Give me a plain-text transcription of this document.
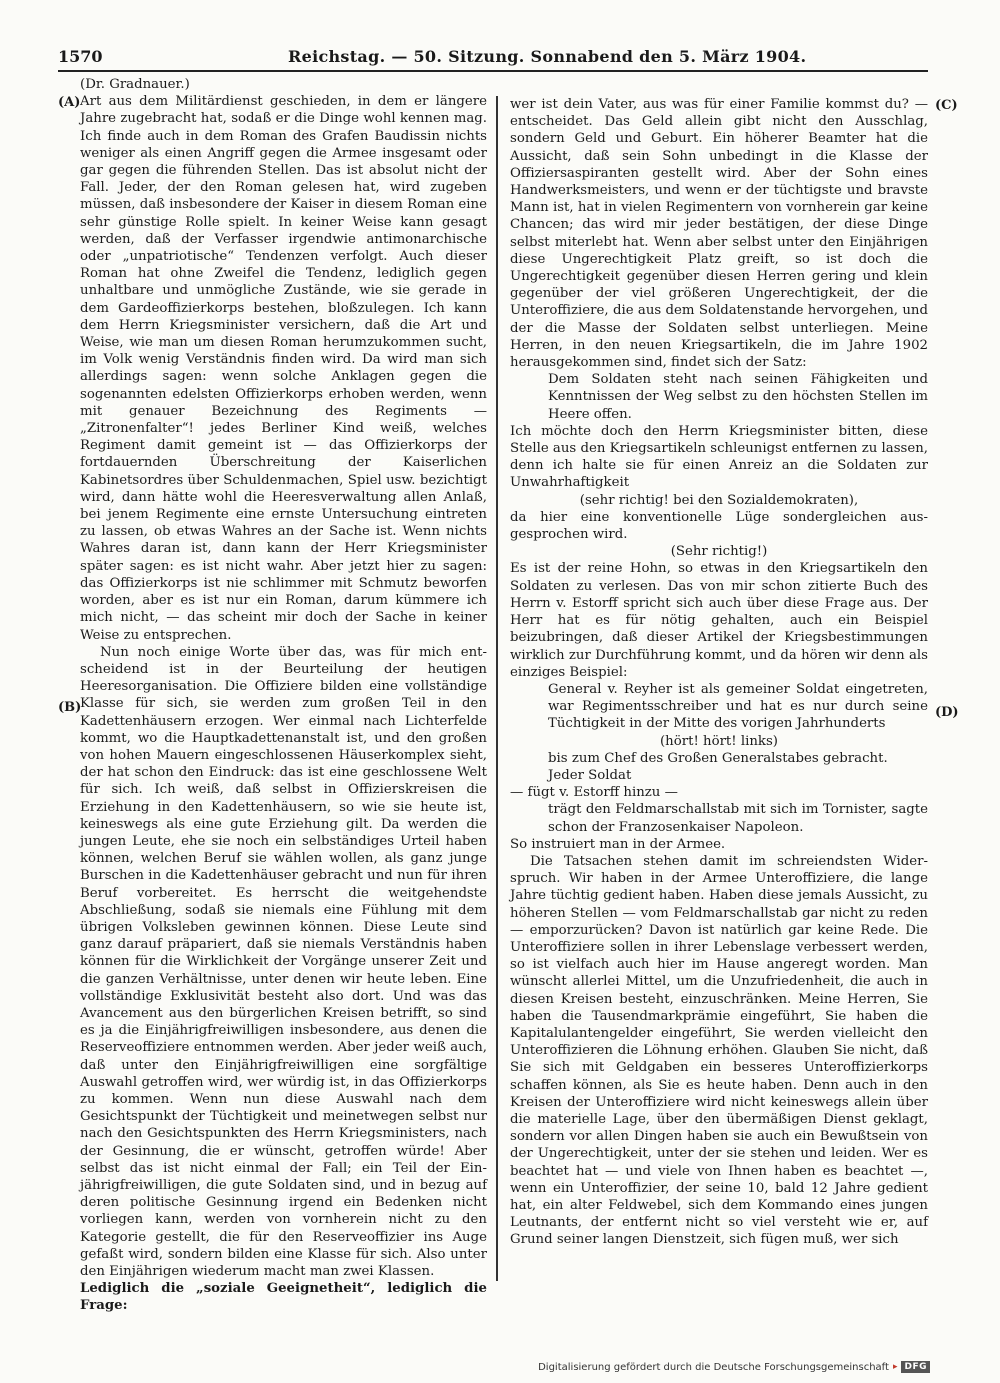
1570	Reichstag. — 50. Sitzung. Sonnabend den 5. März 1904.
(A)
(B)
(C)
(D)

(Dr. Gradnauer.)

Art aus dem Militärdienst geschieden, in dem er längere Jahre zugebracht hat, sodaß er die Dinge wohl kennen mag. Ich finde auch in dem Roman des Grafen Baudissin nichts weniger als einen Angriff gegen die Armee insgesamt oder gar gegen die führenden Stellen. Das ist absolut nicht der Fall. Jeder, der den Roman gelesen hat, wird zugeben müssen, daß insbesondere der Kaiser in diesem Roman eine sehr günstige Rolle spielt. In keiner Weise kann gesagt werden, daß der Verfasser irgendwie antimonarchische oder „unpatriotische“ Tendenzen verfolgt. Auch dieser Roman hat ohne Zweifel die Tendenz, lediglich gegen unhaltbare und unmögliche Zustände, wie sie gerade in dem Gardeoffizierkorps bestehen, bloßzulegen. Ich kann dem Herrn Kriegsminister versichern, daß die Art und Weise, wie man um diesen Roman herumzukommen sucht, im Volk wenig Verständnis finden wird. Da wird man sich allerdings sagen: wenn solche Anklagen gegen die sogenannten edelsten Offizierkorps erhoben werden, wenn mit genauer Bezeichnung des Regiments — „Zitronenfalter“! jedes Berliner Kind weiß, welches Regiment damit gemeint ist — das Offizierkorps der fortdauernden Überschreitung der Kaiserlichen Kabinetsordres über Schuldenmachen, Spiel usw. bezichtigt wird, dann hätte wohl die Heeresverwaltung allen Anlaß, bei jenem Regimente eine ernste Untersuchung eintreten zu lassen, ob etwas Wahres an der Sache ist. Wenn nichts Wahres daran ist, dann kann der Herr Kriegsminister später sagen: es ist nicht wahr. Aber jetzt hier zu sagen: das Offizierkorps ist nie schlimmer mit Schmutz beworfen worden, aber es ist nur ein Roman, darum kümmere ich mich nicht, — das scheint mir doch der Sache in keiner Weise zu entsprechen.

Nun noch einige Worte über das, was für mich entscheidend ist in der Beurteilung der heutigen Heeresorganisation. Die Offiziere bilden eine vollständige Klasse für sich, sie werden zum großen Teil in den Kadettenhäusern erzogen. Wer einmal nach Lichterfelde kommt, wo die Hauptkadettenanstalt ist, und den großen von hohen Mauern eingeschlossenen Häuserkomplex sieht, der hat schon den Eindruck: das ist eine geschlossene Welt für sich. Ich weiß, daß selbst in Offizierskreisen die Erziehung in den Kadettenhäusern, so wie sie heute ist, keineswegs als eine gute Erziehung gilt. Da werden die jungen Leute, ehe sie noch ein selbständiges Urteil haben können, welchen Beruf sie wählen wollen, als ganz junge Burschen in die Kadettenhäuser gebracht und nun für ihren Beruf vorbereitet. Es herrscht die weitgehendste Abschließung, sodaß sie niemals eine Fühlung mit dem übrigen Volksleben gewinnen können. Diese Leute sind ganz darauf präpariert, daß sie niemals Verständnis haben können für die Wirklichkeit der Vorgänge unserer Zeit und die ganzen Verhältnisse, unter denen wir heute leben. Eine vollständige Exklusivität besteht also dort. Und was das Avancement aus den bürgerlichen Kreisen betrifft, so sind es ja die Einjährigfreiwilligen insbesondere, aus denen die Reserveoffiziere entnommen werden. Aber jeder weiß auch, daß unter den Einjährigfreiwilligen eine sorgfältige Auswahl getroffen wird, wer würdig ist, in das Offizierkorps zu kommen. Wenn nun diese Auswahl nach dem Gesichtspunkt der Tüchtigkeit und meinetwegen selbst nur nach den Gesichtspunkten des Herrn Kriegsministers, nach der Gesinnung, die er wünscht, getroffen würde! Aber selbst das ist nicht einmal der Fall; ein Teil der Einjährigfreiwilligen, die gute Soldaten sind, und in bezug auf deren politische Gesinnung irgend ein Bedenken nicht vorliegen kann, werden von vornherein nicht zu den Kategorie gestellt, die für den Reserveoffizier ins Auge gefaßt wird, sondern bilden eine Klasse für sich. Also unter den Einjährigen wiederum macht man zwei Klassen.

Lediglich die „soziale Geeignetheit“, lediglich die Frage:

wer ist dein Vater, aus was für einer Familie kommst du? — entscheidet. Das Geld allein gibt nicht den Ausschlag, sondern Geld und Geburt. Ein höherer Beamter hat die Aussicht, daß sein Sohn unbedingt in die Klasse der Offiziersaspiranten gestellt wird. Aber der Sohn eines Handwerksmeisters, und wenn er der tüchtigste und bravste Mann ist, hat in vielen Regimentern von vornherein gar keine Chancen; das wird mir jeder bestätigen, der diese Dinge selbst miterlebt hat. Wenn aber selbst unter den Einjährigen diese Ungerechtigkeit Platz greift, so ist doch die Ungerechtigkeit gegenüber diesen Herren gering und klein gegenüber der viel größeren Ungerechtigkeit, der die Unteroffiziere, die aus dem Soldatenstande hervorgehen, und der die Masse der Soldaten selbst unterliegen. Meine Herren, in den neuen Kriegsartikeln, die im Jahre 1902 herausgekommen sind, findet sich der Satz:

Dem Soldaten steht nach seinen Fähigkeiten und Kenntnissen der Weg selbst zu den höchsten Stellen im Heere offen.

Ich möchte doch den Herrn Kriegsminister bitten, diese Stelle aus den Kriegsartikeln schleunigst entfernen zu lassen, denn ich halte sie für einen Anreiz an die Soldaten zur Unwahrhaftigkeit

(sehr richtig! bei den Sozialdemokraten),

da hier eine konventionelle Lüge sondergleichen ausgesprochen wird.

(Sehr richtig!)

Es ist der reine Hohn, so etwas in den Kriegsartikeln den Soldaten zu verlesen. Das von mir schon zitierte Buch des Herrn v. Estorff spricht sich auch über diese Frage aus. Der Herr hat es für nötig gehalten, auch ein Beispiel beizubringen, daß dieser Artikel der Kriegsbestimmungen wirklich zur Durchführung kommt, und da hören wir denn als einziges Beispiel:

General v. Reyher ist als gemeiner Soldat eingetreten, war Regimentsschreiber und hat es nur durch seine Tüchtigkeit in der Mitte des vorigen Jahrhunderts

(hört! hört! links)

bis zum Chef des Großen Generalstabes gebracht.

Jeder Soldat

— fügt v. Estorff hinzu —

trägt den Feldmarschallstab mit sich im Tornister, sagte schon der Franzosenkaiser Napoleon.

So instruiert man in der Armee.

Die Tatsachen stehen damit im schreiendsten Widerspruch. Wir haben in der Armee Unteroffiziere, die lange Jahre tüchtig gedient haben. Haben diese jemals Aussicht, zu höheren Stellen — vom Feldmarschallstab gar nicht zu reden — emporzurücken? Davon ist natürlich gar keine Rede. Die Unteroffiziere sollen in ihrer Lebenslage verbessert werden, so ist vielfach auch hier im Hause angeregt worden. Man wünscht allerlei Mittel, um die Unzufriedenheit, die auch in diesen Kreisen besteht, einzuschränken. Meine Herren, Sie haben die Tausendmarkprämie eingeführt, Sie haben die Kapitalulantengelder eingeführt, Sie werden vielleicht den Unteroffizieren die Löhnung erhöhen. Glauben Sie nicht, daß Sie sich mit Geldgaben ein besseres Unteroffizierkorps schaffen können, als Sie es heute haben. Denn auch in den Kreisen der Unteroffiziere wird nicht keineswegs allein über die materielle Lage, über den übermäßigen Dienst geklagt, sondern vor allen Dingen haben sie auch ein Bewußtsein von der Ungerechtigkeit, unter der sie stehen und leiden. Wer es beachtet hat — und viele von Ihnen haben es beachtet —, wenn ein Unteroffizier, der seine 10, bald 12 Jahre gedient hat, ein alter Feldwebel, sich dem Kommando eines jungen Leutnants, der entfernt nicht so viel versteht wie er, auf Grund seiner langen Dienstzeit, sich fügen muß, wer sich

Digitalisierung gefördert durch die Deutsche Forschungsgemeinschaft ▸ DFG
